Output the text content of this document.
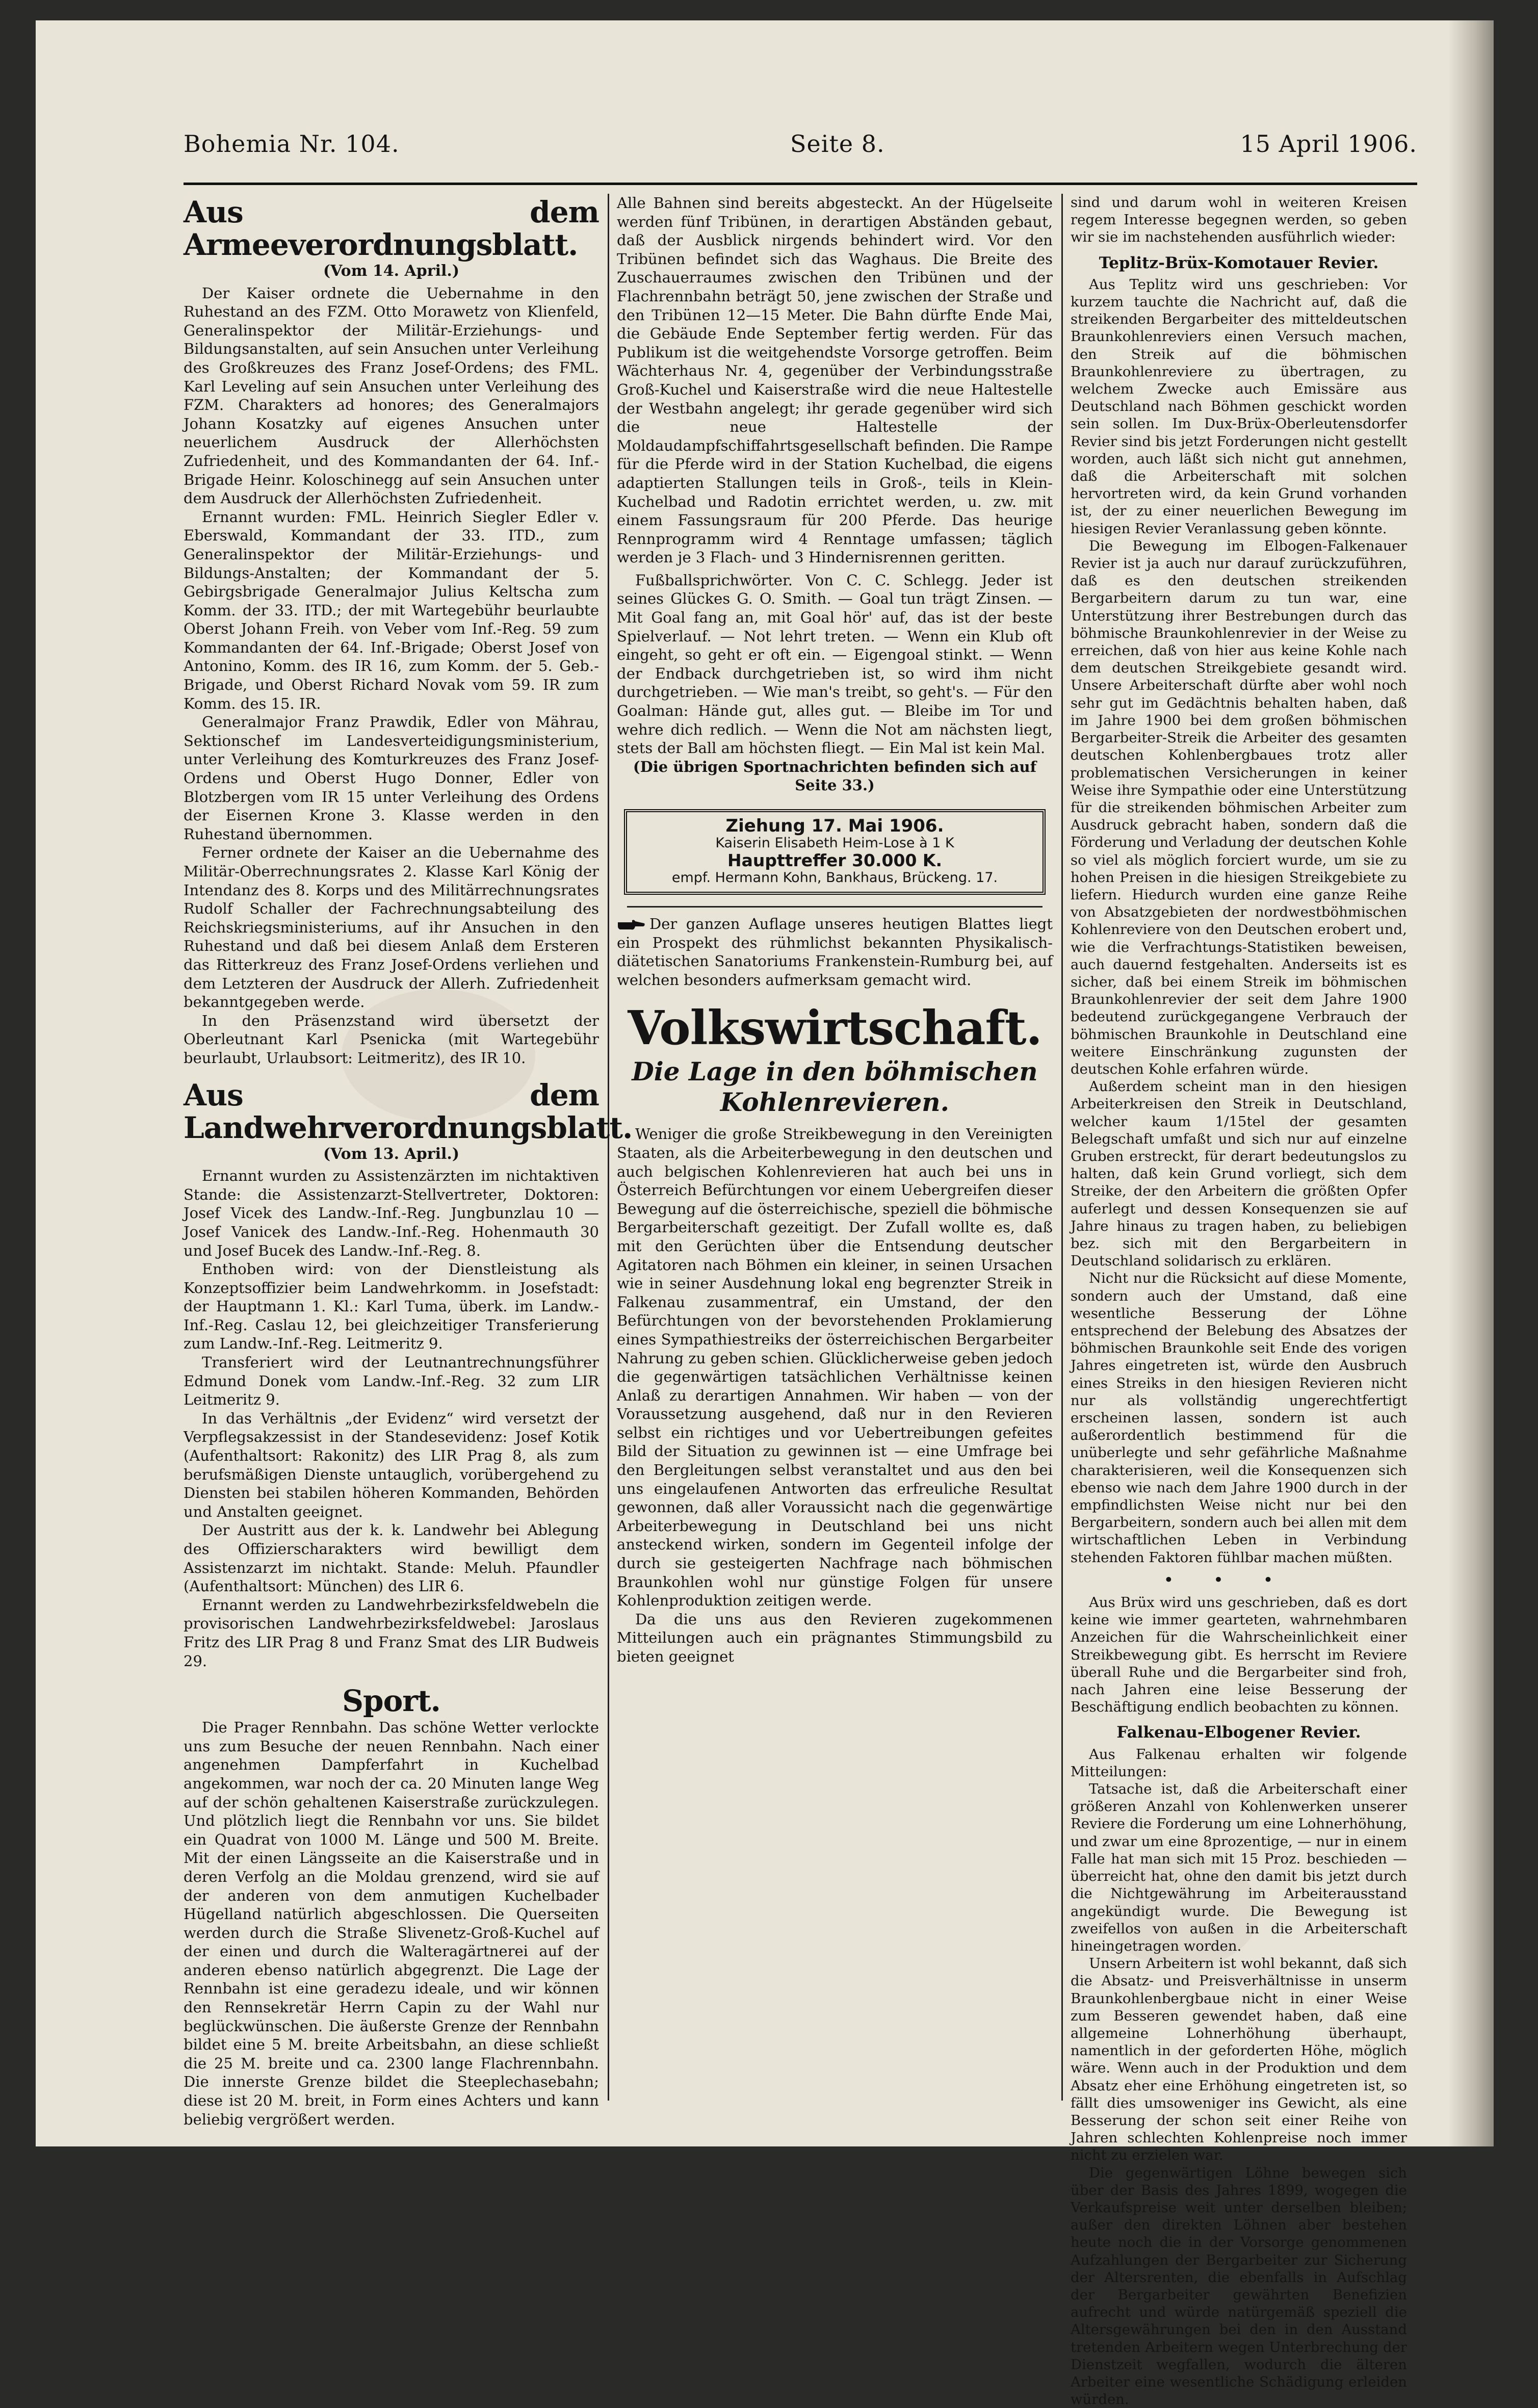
Bohemia Nr. 104.	Seite 8.	15 April 1906.
Aus dem Armeeverordnungsblatt.
(Vom 14. April.)

Der Kaiser ordnete die Uebernahme in den Ruhestand an des FZM. Otto Morawetz von Klienfeld, Generalinspektor der Militär-Erziehungs- und Bildungsanstalten, auf sein Ansuchen unter Verleihung des Großkreuzes des Franz Josef-Ordens; des FML. Karl Leveling auf sein Ansuchen unter Verleihung des FZM. Charakters ad honores; des Generalmajors Johann Kosatzky auf eigenes Ansuchen unter neuerlichem Ausdruck der Allerhöchsten Zufriedenheit, und des Kommandanten der 64. Inf.-Brigade Heinr. Koloschinegg auf sein Ansuchen unter dem Ausdruck der Allerhöchsten Zufriedenheit.

Ernannt wurden: FML. Heinrich Siegler Edler v. Eberswald, Kommandant der 33. ITD., zum Generalinspektor der Militär-Erziehungs- und Bildungs-Anstalten; der Kommandant der 5. Gebirgsbrigade Generalmajor Julius Keltscha zum Komm. der 33. ITD.; der mit Wartegebühr beurlaubte Oberst Johann Freih. von Veber vom Inf.-Reg. 59 zum Kommandanten der 64. Inf.-Brigade; Oberst Josef von Antonino, Komm. des IR 16, zum Komm. der 5. Geb.-Brigade, und Oberst Richard Novak vom 59. IR zum Komm. des 15. IR.

Generalmajor Franz Prawdik, Edler von Mährau, Sektionschef im Landesverteidigungsministerium, unter Verleihung des Komturkreuzes des Franz Josef-Ordens und Oberst Hugo Donner, Edler von Blotzbergen vom IR 15 unter Verleihung des Ordens der Eisernen Krone 3. Klasse werden in den Ruhestand übernommen.

Ferner ordnete der Kaiser an die Uebernahme des Militär-Oberrechnungsrates 2. Klasse Karl König der Intendanz des 8. Korps und des Militärrechnungsrates Rudolf Schaller der Fachrechnungsabteilung des Reichskriegsministeriums, auf ihr Ansuchen in den Ruhestand und daß bei diesem Anlaß dem Ersteren das Ritterkreuz des Franz Josef-Ordens verliehen und dem Letzteren der Ausdruck der Allerh. Zufriedenheit bekanntgegeben werde.

In den Präsenzstand wird übersetzt der Oberleutnant Karl Psenicka (mit Wartegebühr beurlaubt, Urlaubsort: Leitmeritz), des IR 10.

Aus dem Landwehrverordnungsblatt.
(Vom 13. April.)

Ernannt wurden zu Assistenzärzten im nichtaktiven Stande: die Assistenzarzt-Stellvertreter, Doktoren: Josef Vicek des Landw.-Inf.-Reg. Jungbunzlau 10 — Josef Vanicek des Landw.-Inf.-Reg. Hohenmauth 30 und Josef Bucek des Landw.-Inf.-Reg. 8.

Enthoben wird: von der Dienstleistung als Konzeptsoffizier beim Landwehrkomm. in Josefstadt: der Hauptmann 1. Kl.: Karl Tuma, überk. im Landw.-Inf.-Reg. Caslau 12, bei gleichzeitiger Transferierung zum Landw.-Inf.-Reg. Leitmeritz 9.

Transferiert wird der Leutnantrechnungsführer Edmund Donek vom Landw.-Inf.-Reg. 32 zum LIR Leitmeritz 9.

In das Verhältnis „der Evidenz“ wird versetzt der Verpflegsakzessist in der Standesevidenz: Josef Kotik (Aufenthaltsort: Rakonitz) des LIR Prag 8, als zum berufsmäßigen Dienste untauglich, vorübergehend zu Diensten bei stabilen höheren Kommanden, Behörden und Anstalten geeignet.

Der Austritt aus der k. k. Landwehr bei Ablegung des Offizierscharakters wird bewilligt dem Assistenzarzt im nichtakt. Stande: Meluh. Pfaundler (Aufenthaltsort: München) des LIR 6.

Ernannt werden zu Landwehrbezirksfeldwebeln die provisorischen Landwehrbezirksfeldwebel: Jaroslaus Fritz des LIR Prag 8 und Franz Smat des LIR Budweis 29.

Sport.

Die Prager Rennbahn. Das schöne Wetter verlockte uns zum Besuche der neuen Rennbahn. Nach einer angenehmen Dampferfahrt in Kuchelbad angekommen, war noch der ca. 20 Minuten lange Weg auf der schön gehaltenen Kaiserstraße zurückzulegen. Und plötzlich liegt die Rennbahn vor uns. Sie bildet ein Quadrat von 1000 M. Länge und 500 M. Breite. Mit der einen Längsseite an die Kaiserstraße und in deren Verfolg an die Moldau grenzend, wird sie auf der anderen von dem anmutigen Kuchelbader Hügelland natürlich abgeschlossen. Die Querseiten werden durch die Straße Slivenetz-Groß-Kuchel auf der einen und durch die Walteragärtnerei auf der anderen ebenso natürlich abgegrenzt. Die Lage der Rennbahn ist eine geradezu ideale, und wir können den Rennsekretär Herrn Capin zu der Wahl nur beglückwünschen. Die äußerste Grenze der Rennbahn bildet eine 5 M. breite Arbeitsbahn, an diese schließt die 25 M. breite und ca. 2300 lange Flachrennbahn. Die innerste Grenze bildet die Steeplechasebahn; diese ist 20 M. breit, in Form eines Achters und kann beliebig vergrößert werden.

Alle Bahnen sind bereits abgesteckt. An der Hügelseite werden fünf Tribünen, in derartigen Abständen gebaut, daß der Ausblick nirgends behindert wird. Vor den Tribünen befindet sich das Waghaus. Die Breite des Zuschauerraumes zwischen den Tribünen und der Flachrennbahn beträgt 50, jene zwischen der Straße und den Tribünen 12—15 Meter. Die Bahn dürfte Ende Mai, die Gebäude Ende September fertig werden. Für das Publikum ist die weitgehendste Vorsorge getroffen. Beim Wächterhaus Nr. 4, gegenüber der Verbindungsstraße Groß-Kuchel und Kaiserstraße wird die neue Haltestelle der Westbahn angelegt; ihr gerade gegenüber wird sich die neue Haltestelle der Moldaudampfschiffahrtsgesellschaft befinden. Die Rampe für die Pferde wird in der Station Kuchelbad, die eigens adaptierten Stallungen teils in Groß-, teils in Klein-Kuchelbad und Radotin errichtet werden, u. zw. mit einem Fassungsraum für 200 Pferde. Das heurige Rennprogramm wird 4 Renntage umfassen; täglich werden je 3 Flach- und 3 Hindernisrennen geritten.

Fußballsprichwörter. Von C. C. Schlegg. Jeder ist seines Glückes G. O. Smith. — Goal tun trägt Zinsen. — Mit Goal fang an, mit Goal hör' auf, das ist der beste Spielverlauf. — Not lehrt treten. — Wenn ein Klub oft eingeht, so geht er oft ein. — Eigengoal stinkt. — Wenn der Endback durchgetrieben ist, so wird ihm nicht durchgetrieben. — Wie man's treibt, so geht's. — Für den Goalman: Hände gut, alles gut. — Bleibe im Tor und wehre dich redlich. — Wenn die Not am nächsten liegt, stets der Ball am höchsten fliegt. — Ein Mal ist kein Mal.

(Die übrigen Sportnachrichten befinden sich auf Seite 33.)

Ziehung 17. Mai 1906.
Kaiserin Elisabeth Heim-Lose à 1 K
Haupttreffer 30.000 K.
empf. Hermann Kohn, Bankhaus, Brückeng. 17.

Der ganzen Auflage unseres heutigen Blattes liegt ein Prospekt des rühmlichst bekannten Physikalisch-diätetischen Sanatoriums Frankenstein-Rumburg bei, auf welchen besonders aufmerksam gemacht wird.

Volkswirtschaft.
Die Lage in den böhmischen Kohlenrevieren.

Weniger die große Streikbewegung in den Vereinigten Staaten, als die Arbeiterbewegung in den deutschen und auch belgischen Kohlenrevieren hat auch bei uns in Österreich Befürchtungen vor einem Uebergreifen dieser Bewegung auf die österreichische, speziell die böhmische Bergarbeiterschaft gezeitigt. Der Zufall wollte es, daß mit den Gerüchten über die Entsendung deutscher Agitatoren nach Böhmen ein kleiner, in seinen Ursachen wie in seiner Ausdehnung lokal eng begrenzter Streik in Falkenau zusammentraf, ein Umstand, der den Befürchtungen von der bevorstehenden Proklamierung eines Sympathiestreiks der österreichischen Bergarbeiter Nahrung zu geben schien. Glücklicherweise geben jedoch die gegenwärtigen tatsächlichen Verhältnisse keinen Anlaß zu derartigen Annahmen. Wir haben — von der Voraussetzung ausgehend, daß nur in den Revieren selbst ein richtiges und vor Uebertreibungen gefeites Bild der Situation zu gewinnen ist — eine Umfrage bei den Bergleitungen selbst veranstaltet und aus den bei uns eingelaufenen Antworten das erfreuliche Resultat gewonnen, daß aller Voraussicht nach die gegenwärtige Arbeiterbewegung in Deutschland bei uns nicht ansteckend wirken, sondern im Gegenteil infolge der durch sie gesteigerten Nachfrage nach böhmischen Braunkohlen wohl nur günstige Folgen für unsere Kohlenproduktion zeitigen werde.

Da die uns aus den Revieren zugekommenen Mitteilungen auch ein prägnantes Stimmungsbild zu bieten geeignet

sind und darum wohl in weiteren Kreisen regem Interesse begegnen werden, so geben wir sie im nachstehenden ausführlich wieder:

Teplitz-Brüx-Komotauer Revier.

Aus Teplitz wird uns geschrieben: Vor kurzem tauchte die Nachricht auf, daß die streikenden Bergarbeiter des mitteldeutschen Braunkohlenreviers einen Versuch machen, den Streik auf die böhmischen Braunkohlenreviere zu übertragen, zu welchem Zwecke auch Emissäre aus Deutschland nach Böhmen geschickt worden sein sollen. Im Dux-Brüx-Oberleutensdorfer Revier sind bis jetzt Forderungen nicht gestellt worden, auch läßt sich nicht gut annehmen, daß die Arbeiterschaft mit solchen hervortreten wird, da kein Grund vorhanden ist, der zu einer neuerlichen Bewegung im hiesigen Revier Veranlassung geben könnte.

Die Bewegung im Elbogen-Falkenauer Revier ist ja auch nur darauf zurückzuführen, daß es den deutschen streikenden Bergarbeitern darum zu tun war, eine Unterstützung ihrer Bestrebungen durch das böhmische Braunkohlenrevier in der Weise zu erreichen, daß von hier aus keine Kohle nach dem deutschen Streikgebiete gesandt wird. Unsere Arbeiterschaft dürfte aber wohl noch sehr gut im Gedächtnis behalten haben, daß im Jahre 1900 bei dem großen böhmischen Bergarbeiter-Streik die Arbeiter des gesamten deutschen Kohlenbergbaues trotz aller problematischen Versicherungen in keiner Weise ihre Sympathie oder eine Unterstützung für die streikenden böhmischen Arbeiter zum Ausdruck gebracht haben, sondern daß die Förderung und Verladung der deutschen Kohle so viel als möglich forciert wurde, um sie zu hohen Preisen in die hiesigen Streikgebiete zu liefern. Hiedurch wurden eine ganze Reihe von Absatzgebieten der nordwestböhmischen Kohlenreviere von den Deutschen erobert und, wie die Verfrachtungs-Statistiken beweisen, auch dauernd festgehalten. Anderseits ist es sicher, daß bei einem Streik im böhmischen Braunkohlenrevier der seit dem Jahre 1900 bedeutend zurückgegangene Verbrauch der böhmischen Braunkohle in Deutschland eine weitere Einschränkung zugunsten der deutschen Kohle erfahren würde.

Außerdem scheint man in den hiesigen Arbeiterkreisen den Streik in Deutschland, welcher kaum 1/15tel der gesamten Belegschaft umfaßt und sich nur auf einzelne Gruben erstreckt, für derart bedeutungslos zu halten, daß kein Grund vorliegt, sich dem Streike, der den Arbeitern die größten Opfer auferlegt und dessen Konsequenzen sie auf Jahre hinaus zu tragen haben, zu beliebigen bez. sich mit den Bergarbeitern in Deutschland solidarisch zu erklären.

Nicht nur die Rücksicht auf diese Momente, sondern auch der Umstand, daß eine wesentliche Besserung der Löhne entsprechend der Belebung des Absatzes der böhmischen Braunkohle seit Ende des vorigen Jahres eingetreten ist, würde den Ausbruch eines Streiks in den hiesigen Revieren nicht nur als vollständig ungerechtfertigt erscheinen lassen, sondern ist auch außerordentlich bestimmend für die unüberlegte und sehr gefährliche Maßnahme charakterisieren, weil die Konsequenzen sich ebenso wie nach dem Jahre 1900 durch in der empfindlichsten Weise nicht nur bei den Bergarbeitern, sondern auch bei allen mit dem wirtschaftlichen Leben in Verbindung stehenden Faktoren fühlbar machen müßten.

•••

Aus Brüx wird uns geschrieben, daß es dort keine wie immer gearteten, wahrnehmbaren Anzeichen für die Wahrscheinlichkeit einer Streikbewegung gibt. Es herrscht im Reviere überall Ruhe und die Bergarbeiter sind froh, nach Jahren eine leise Besserung der Beschäftigung endlich beobachten zu können.

Falkenau-Elbogener Revier.

Aus Falkenau erhalten wir folgende Mitteilungen:

Tatsache ist, daß die Arbeiterschaft einer größeren Anzahl von Kohlenwerken unserer Reviere die Forderung um eine Lohnerhöhung, und zwar um eine 8prozentige, — nur in einem Falle hat man sich mit 15 Proz. beschieden — überreicht hat, ohne den damit bis jetzt durch die Nichtgewährung im Arbeiterausstand angekündigt wurde. Die Bewegung ist zweifellos von außen in die Arbeiterschaft hineingetragen worden.

Unsern Arbeitern ist wohl bekannt, daß sich die Absatz- und Preisverhältnisse in unserm Braunkohlenbergbaue nicht in einer Weise zum Besseren gewendet haben, daß eine allgemeine Lohnerhöhung überhaupt, namentlich in der geforderten Höhe, möglich wäre. Wenn auch in der Produktion und dem Absatz eher eine Erhöhung eingetreten ist, so fällt dies umsoweniger ins Gewicht, als eine Besserung der schon seit einer Reihe von Jahren schlechten Kohlenpreise noch immer nicht zu erzielen war.

Die gegenwärtigen Löhne bewegen sich über der Basis des Jahres 1899, wogegen die Verkaufspreise weit unter derselben bleiben; außer den direkten Löhnen aber bestehen heute noch die in der Vorsorge genommenen Aufzahlungen der Bergarbeiter zur Sicherung der Altersrenten, die ebenfalls in Aufschlag der Bergarbeiter gewährten Benefizien aufrecht und würde natürgemäß speziell die Altersgewährungen bei den in den Ausstand tretenden Arbeitern wegen Unterbrechung der Dienstzeit wegfallen, wodurch die älteren Arbeiter eine wesentliche Schädigung erleiden würden.
